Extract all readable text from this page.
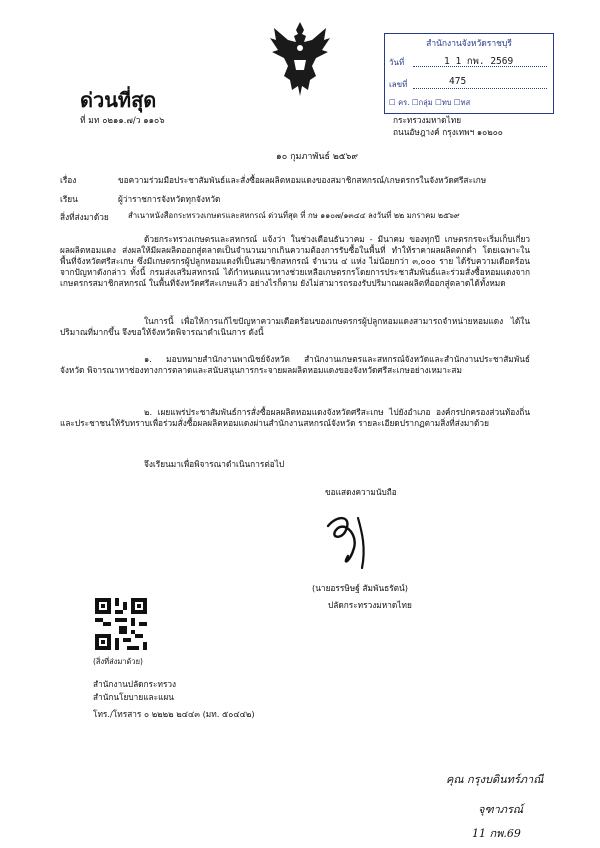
ด่วนที่สุด
ที่ มท ๐๒๑๑.๗/ว ๑๑๐๖
สำนักงานจังหวัดราชบุรี
วันที่	1 1 กพ. 2569
เลขที่	475
☐ คร. ☐กลุ่ม ☐ทบ ☐ทส
กระทรวงมหาดไทย
ถนนอัษฎางค์ กรุงเทพฯ ๑๐๒๐๐
๑๐ กุมภาพันธ์ ๒๕๖๙
เรื่อง	ขอความร่วมมือประชาสัมพันธ์และสั่งซื้อผลผลิตหอมแดงของสมาชิกสหกรณ์/เกษตรกรในจังหวัดศรีสะเกษ
เรียน	ผู้ว่าราชการจังหวัดทุกจังหวัด
สิ่งที่ส่งมาด้วย สำเนาหนังสือกระทรวงเกษตรและสหกรณ์ ด่วนที่สุด ที่ กษ ๑๑๐๗/๑๓๔๔ ลงวันที่ ๒๒ มกราคม ๒๕๖๙
ด้วยกระทรวงเกษตรและสหกรณ์ แจ้งว่า ในช่วงเดือนธันวาคม - มีนาคม ของทุกปี เกษตรกรจะเริ่มเก็บเกี่ยวผลผลิตหอมแดง ส่งผลให้มีผลผลิตออกสู่ตลาดเป็นจำนวนมากเกินความต้องการรับซื้อในพื้นที่ ทำให้ราคาผลผลิตตกต่ำ โดยเฉพาะในพื้นที่จังหวัดศรีสะเกษ ซึ่งมีเกษตรกรผู้ปลูกหอมแดงที่เป็นสมาชิกสหกรณ์ จำนวน ๔ แห่ง ไม่น้อยกว่า ๓,๐๐๐ ราย ได้รับความเดือดร้อนจากปัญหาดังกล่าว ทั้งนี้ กรมส่งเสริมสหกรณ์ ได้กำหนดแนวทางช่วยเหลือเกษตรกรโดยการประชาสัมพันธ์และร่วมสั่งซื้อหอมแดงจากเกษตรกรสมาชิกสหกรณ์ ในพื้นที่จังหวัดศรีสะเกษแล้ว อย่างไรก็ตาม ยังไม่สามารถรองรับปริมาณผลผลิตที่ออกสู่ตลาดได้ทั้งหมด
ในการนี้ เพื่อให้การแก้ไขปัญหาความเดือดร้อนของเกษตรกรผู้ปลูกหอมแดงสามารถจำหน่ายหอมแดง ได้ในปริมาณที่มากขึ้น จึงขอให้จังหวัดพิจารณาดำเนินการ ดังนี้
๑. มอบหมายสำนักงานพาณิชย์จังหวัด สำนักงานเกษตรและสหกรณ์จังหวัดและสำนักงานประชาสัมพันธ์จังหวัด พิจารณาหาช่องทางการตลาดและสนับสนุนการกระจายผลผลิตหอมแดงของจังหวัดศรีสะเกษอย่างเหมาะสม
๒. เผยแพร่ประชาสัมพันธ์การสั่งซื้อผลผลิตหอมแดงจังหวัดศรีสะเกษ ไปยังอำเภอ องค์กรปกครองส่วนท้องถิ่น และประชาชนให้รับทราบเพื่อร่วมสั่งซื้อผลผลิตหอมแดงผ่านสำนักงานสหกรณ์จังหวัด รายละเอียดปรากฏตามสิ่งที่ส่งมาด้วย
จึงเรียนมาเพื่อพิจารณาดำเนินการต่อไป
ขอแสดงความนับถือ
(นายอรรษิษฐ์ สัมพันธรัตน์)
ปลัดกระทรวงมหาดไทย
(สิ่งที่ส่งมาด้วย)
สำนักงานปลัดกระทรวง
สำนักนโยบายและแผน
โทร./โทรสาร ๐ ๒๒๒๒ ๒๔๔๓ (มท. ๕๐๔๔๒)
คุณ กรุงบดินทร์ภาณี
จุฑาภรณ์
11 กพ.69
